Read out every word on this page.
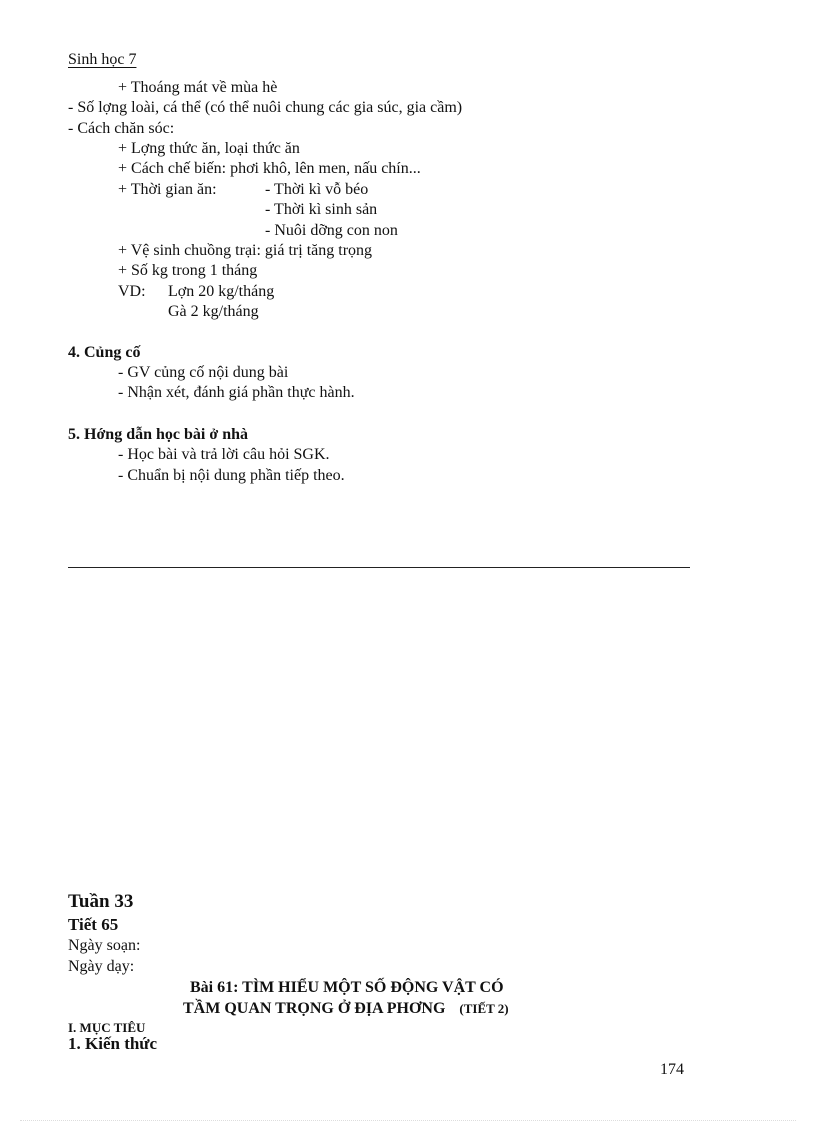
Sinh học 7
+ Thoáng mát về mùa hè
- Số lợng loài, cá thể (có thể nuôi chung các gia súc, gia cầm)
- Cách chăn sóc:
+ Lợng thức ăn, loại thức ăn
+ Cách chế biến: phơi khô, lên men, nấu chín...
+ Thời gian ăn:	- Thời kì vỗ béo
- Thời kì sinh sản
- Nuôi dỡng con non
+ Vệ sinh chuồng trại: giá trị tăng trọng
+ Số kg trong 1 tháng
VD: Lợn 20 kg/tháng
Gà 2 kg/tháng
4. Củng cố
- GV củng cố nội dung bài
- Nhận xét, đánh giá phần thực hành.
5. Hớng dẫn học bài ở nhà
- Học bài và trả lời câu hỏi SGK.
- Chuẩn bị nội dung phần tiếp theo.
Tuần 33
Tiết 65
Ngày soạn:
Ngày dạy:
Bài 61: TÌM HIỂU MỘT SỐ ĐỘNG VẬT CÓ
TẦM QUAN TRỌNG Ở ĐỊA PHƠNG (TIẾT 2)
I. MỤC TIÊU
1. Kiến thức
174
